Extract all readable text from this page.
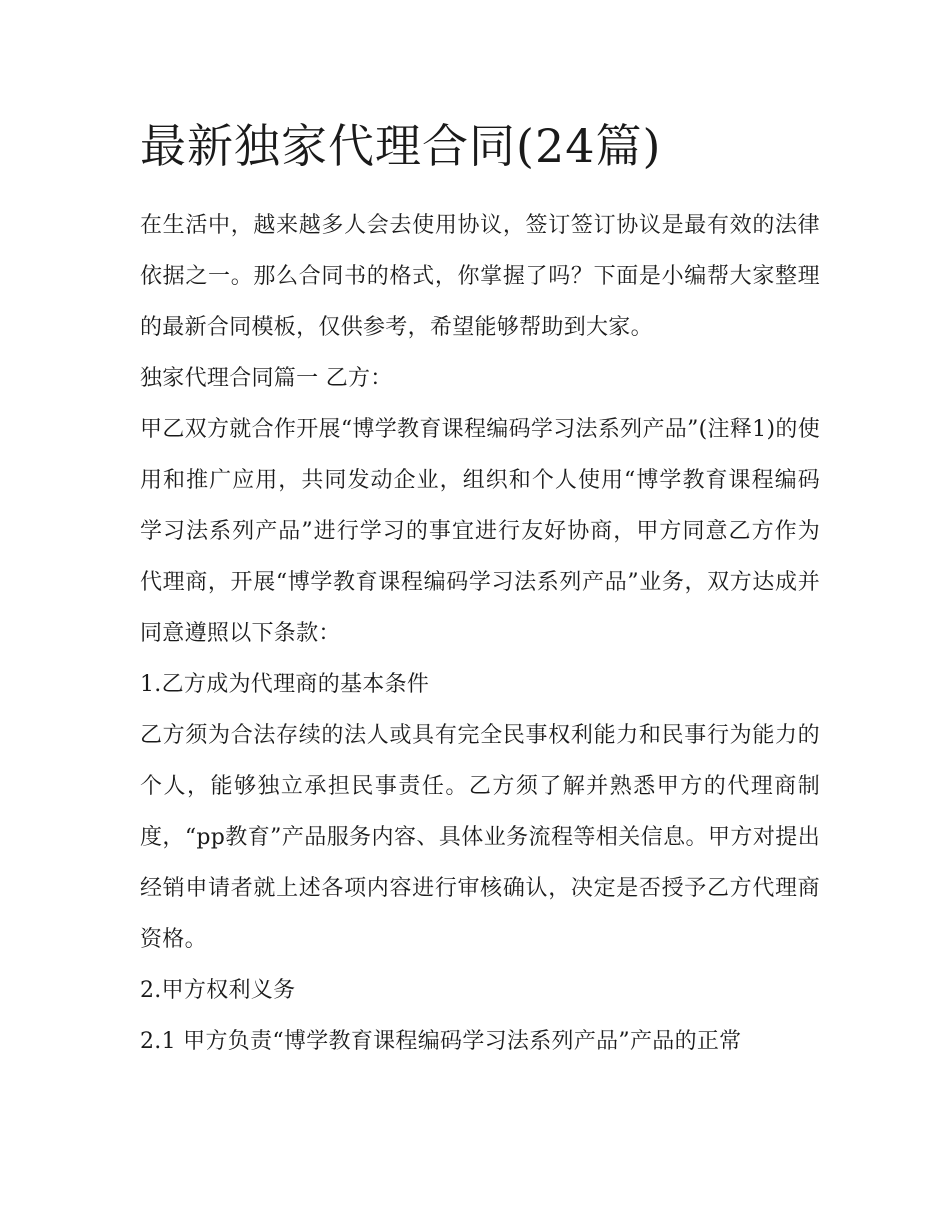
最新独家代理合同(24篇)

在生活中，越来越多人会去使用协议，签订签订协议是最有效的法律依据之一。那么合同书的格式，你掌握了吗？下面是小编帮大家整理的最新合同模板，仅供参考，希望能够帮助到大家。

独家代理合同篇一 乙方：

甲乙双方就合作开展“博学教育课程编码学习法系列产品”(注释1)的使用和推广应用，共同发动企业，组织和个人使用“博学教育课程编码学习法系列产品”进行学习的事宜进行友好协商，甲方同意乙方作为代理商，开展“博学教育课程编码学习法系列产品”业务，双方达成并同意遵照以下条款：

1.乙方成为代理商的基本条件

乙方须为合法存续的法人或具有完全民事权利能力和民事行为能力的个人，能够独立承担民事责任。乙方须了解并熟悉甲方的代理商制度，“pp教育”产品服务内容、具体业务流程等相关信息。甲方对提出经销申请者就上述各项内容进行审核确认，决定是否授予乙方代理商资格。

2.甲方权利义务

2.1 甲方负责“博学教育课程编码学习法系列产品”产品的正常
